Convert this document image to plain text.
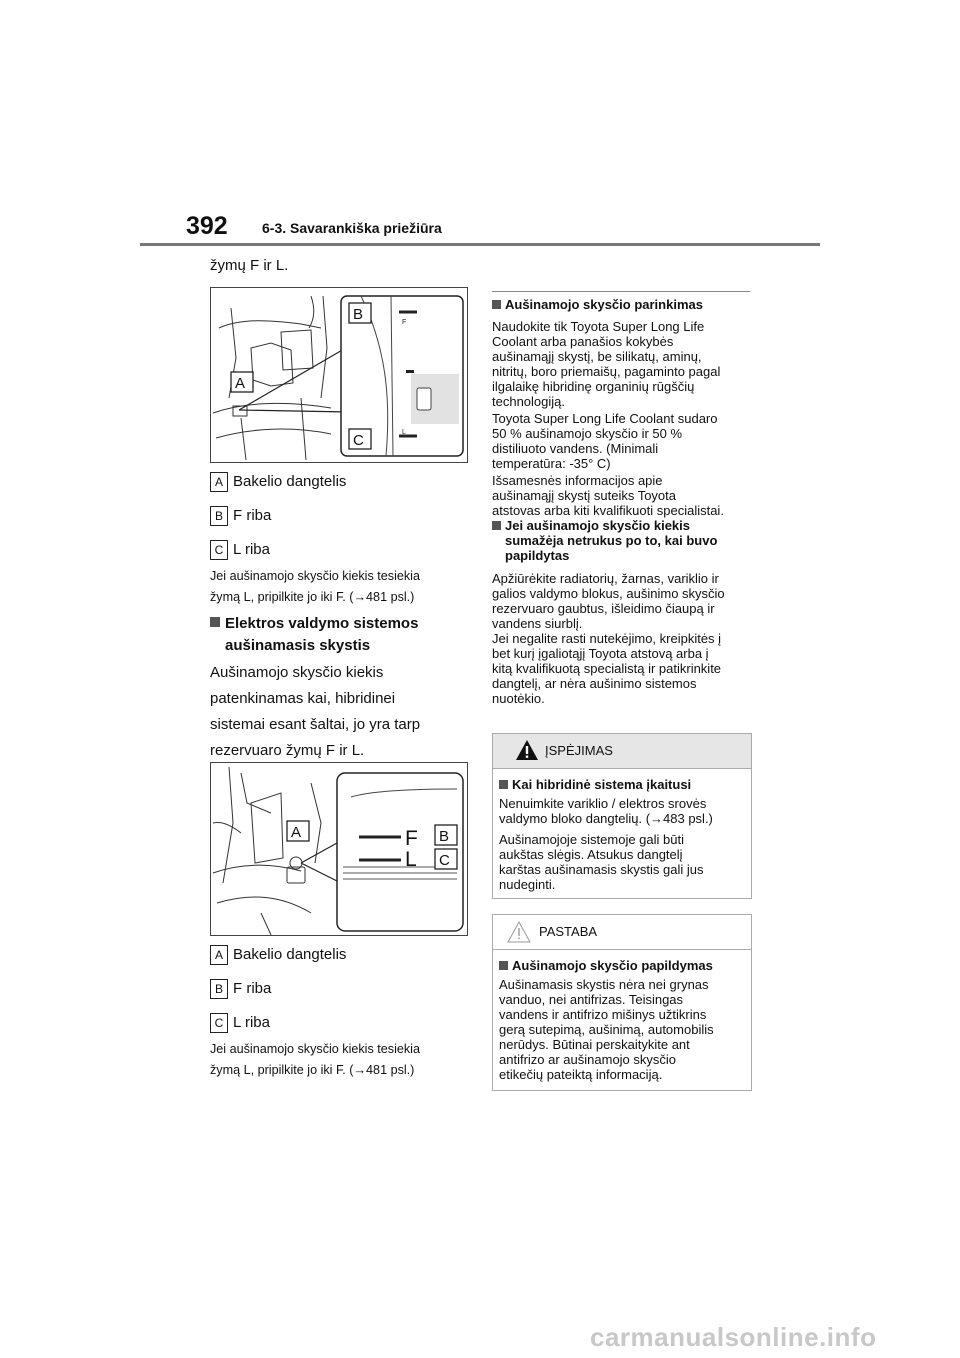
392 6-3. Savarankiška priežiūra
žymų F ir L.
F
L
B
C
A
A Bakelio dangtelis
B F riba
C L riba
Jei aušinamojo skysčio kiekis tesiekia
žymą L, pripilkite jo iki F. (→481 psl.)
Elektros valdymo sistemos
aušinamasis skystis
Aušinamojo skysčio kiekis
patenkinamas kai, hibridinei
sistemai esant šaltai, jo yra tarp
rezervuaro žymų F ir L.
F
L
B
C
A
A Bakelio dangtelis
B F riba
C L riba
Jei aušinamojo skysčio kiekis tesiekia
žymą L, pripilkite jo iki F. (→481 psl.)
Aušinamojo skysčio parinkimas

Naudokite tik Toyota Super Long Life

Coolant arba panašios kokybės

aušinamąjį skystį, be silikatų, aminų,

nitritų, boro priemaišų, pagaminto pagal

ilgalaikę hibridinę organinių rūgščių

technologiją.

Toyota Super Long Life Coolant sudaro

50 % aušinamojo skysčio ir 50 %

distiliuoto vandens. (Minimali

temperatūra: -35° C)

Išsamesnės informacijos apie

aušinamąjį skystį suteiks Toyota

atstovas arba kiti kvalifikuoti specialistai.

Jei aušinamojo skysčio kiekis
sumažėja netrukus po to, kai buvo
papildytas

Apžiūrėkite radiatorių, žarnas, variklio ir

galios valdymo blokus, aušinimo skysčio

rezervuaro gaubtus, išleidimo čiaupą ir

vandens siurblį.

Jei negalite rasti nutekėjimo, kreipkitės į

bet kurį įgaliotąjį Toyota atstovą arba į

kitą kvalifikuotą specialistą ir patikrinkite

dangtelį, ar nėra aušinimo sistemos

nuotėkio.

ĮSPĖJIMAS
Kai hibridinė sistema įkaitusi

Nenuimkite variklio / elektros srovės

valdymo bloko dangtelių. (→483 psl.)

Aušinamojoje sistemoje gali būti

aukštas slėgis. Atsukus dangtelį

karštas aušinamasis skystis gali jus

nudeginti.

PASTABA
Aušinamojo skysčio papildymas

Aušinamasis skystis nėra nei grynas

vanduo, nei antifrizas. Teisingas

vandens ir antifrizo mišinys užtikrins

gerą sutepimą, aušinimą, automobilis

nerūdys. Būtinai perskaitykite ant

antifrizo ar aušinamojo skysčio

etikečių pateiktą informaciją.

carmanualsonline.info
